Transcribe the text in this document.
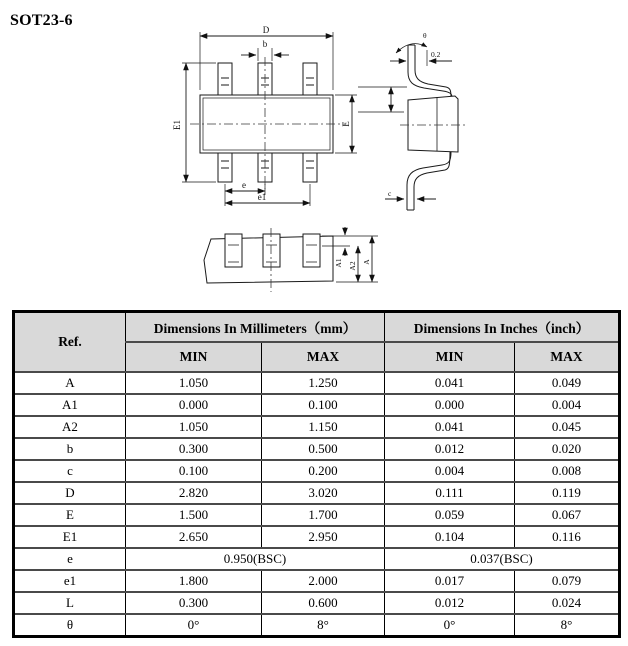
SOT23-6
D
b
E1	E
e
e1
θ
0.2
c
A1 A2 A
Ref.	Dimensions In Millimeters（mm）		Dimensions In Inches（inch）	
	MIN	MAX	MIN	MAX
A	1.050	1.250	0.041	0.049
A1	0.000	0.100	0.000	0.004
A2	1.050	1.150	0.041	0.045
b	0.300	0.500	0.012	0.020
c	0.100	0.200	0.004	0.008
D	2.820	3.020	0.111	0.119
E	1.500	1.700	0.059	0.067
E1	2.650	2.950	0.104	0.116
e	0.950(BSC)		0.037(BSC)	
e1	1.800	2.000	0.017	0.079
L	0.300	0.600	0.012	0.024
θ	0°	8°	0°	8°
